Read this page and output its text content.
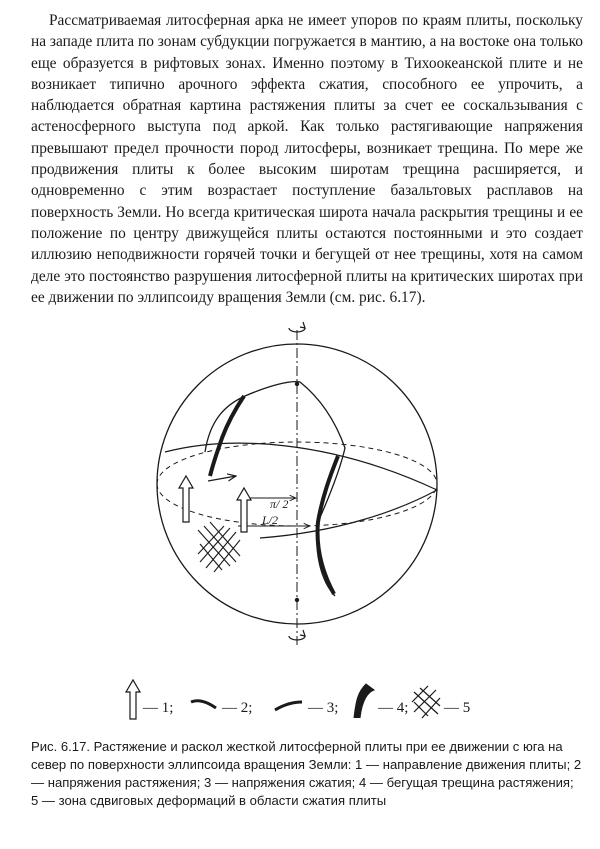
Рассматриваемая литосферная арка не имеет упоров по краям плиты, поскольку на западе плита по зонам субдукции погружается в мантию, а на востоке она только еще образуется в рифтовых зонах. Именно поэтому в Тихоокеанской плите и не возникает типично арочного эффекта сжатия, способного ее упрочить, а наблюдается обратная картина растяжения плиты за счет ее соскальзывания с астеносферного выступа под аркой. Как только растягивающие напряжения превышают предел прочности пород литосферы, возникает трещина. По мере же продвижения плиты к более высоким широтам трещина расширяется, и одновременно с этим возрастает поступление базальтовых расплавов на поверхность Земли. Но всегда критическая широта начала раскрытия трещины и ее положение по центру движущейся плиты остаются постоянными и это создает иллюзию неподвижности горячей точки и бегущей от нее трещины, хотя на самом деле это постоянство разрушения литосферной плиты на критических широтах при ее движении по эллипсоиду вращения Земли (см. рис. 6.17).

π/ 2
L/2
— 1;	— 2;	— 3;	— 4; — 5

Рис. 6.17. Растяжение и раскол жесткой литосферной плиты при ее движении с юга на север по поверхности эллипсоида вращения Земли: 1 — направление движения плиты; 2 — напряжения растяжения; 3 — напряжения сжатия; 4 — бегущая трещина растяжения; 5 — зона сдвиговых деформаций в области сжатия плиты
